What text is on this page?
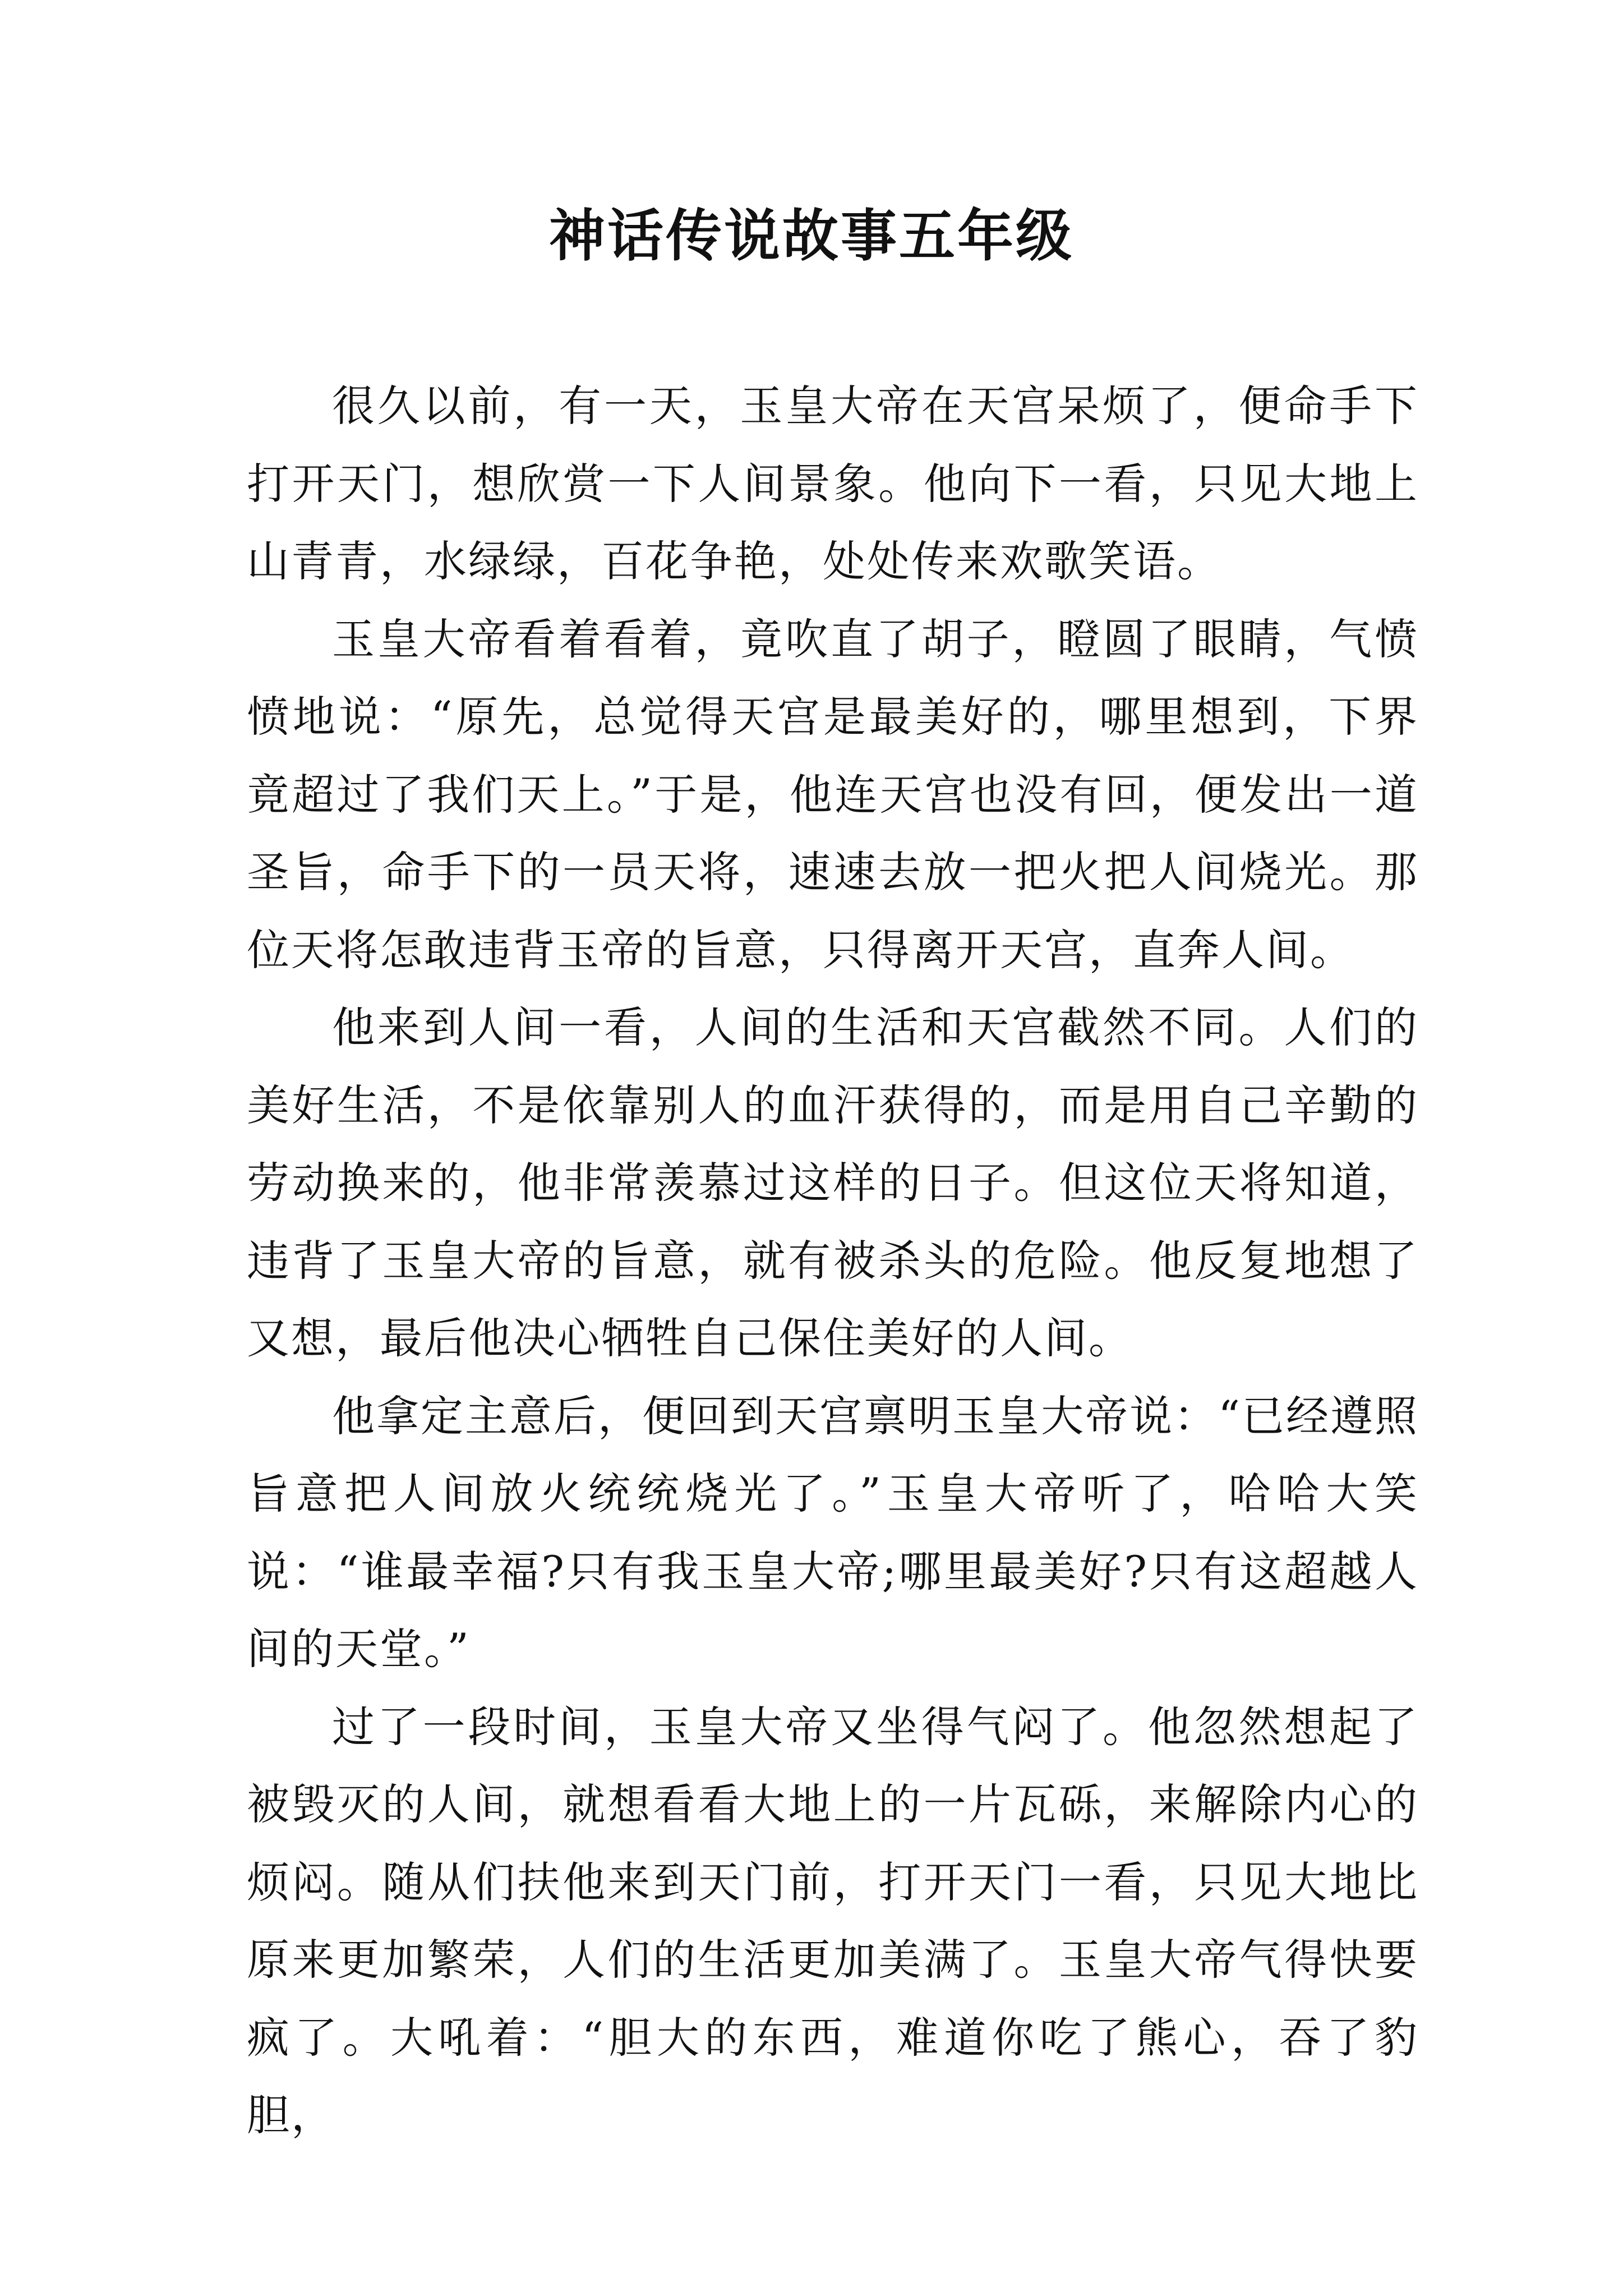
神话传说故事五年级

很久以前，有一天，玉皇大帝在天宫呆烦了，便命手下打开天门，想欣赏一下人间景象。他向下一看，只见大地上山青青，水绿绿，百花争艳，处处传来欢歌笑语。

玉皇大帝看着看着，竟吹直了胡子，瞪圆了眼睛，气愤愤地说：“原先，总觉得天宫是最美好的，哪里想到，下界竟超过了我们天上。”于是，他连天宫也没有回，便发出一道圣旨，命手下的一员天将，速速去放一把火把人间烧光。那位天将怎敢违背玉帝的旨意，只得离开天宫，直奔人间。

他来到人间一看，人间的生活和天宫截然不同。人们的美好生活，不是依靠别人的血汗获得的，而是用自己辛勤的劳动换来的，他非常羡慕过这样的日子。但这位天将知道，违背了玉皇大帝的旨意，就有被杀头的危险。他反复地想了又想，最后他决心牺牲自己保住美好的人间。

他拿定主意后，便回到天宫禀明玉皇大帝说：“已经遵照旨意把人间放火统统烧光了。”玉皇大帝听了，哈哈大笑说：“谁最幸福?只有我玉皇大帝;哪里最美好?只有这超越人间的天堂。”

过了一段时间，玉皇大帝又坐得气闷了。他忽然想起了被毁灭的人间，就想看看大地上的一片瓦砾，来解除内心的烦闷。随从们扶他来到天门前，打开天门一看，只见大地比原来更加繁荣，人们的生活更加美满了。玉皇大帝气得快要疯了。大吼着：“胆大的东西，难道你吃了熊心，吞了豹胆，
